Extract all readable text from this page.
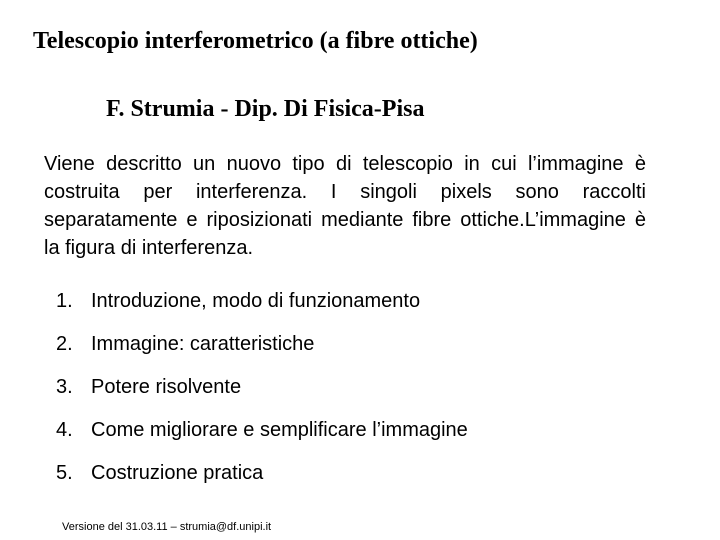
Telescopio interferometrico (a fibre ottiche)
F. Strumia - Dip. Di Fisica-Pisa
Viene descritto un nuovo tipo di telescopio in cui l’immagine è costruita per interferenza. I singoli pixels sono raccolti separatamente e riposizionati mediante fibre ottiche.L’immagine è la figura di interferenza.
1. Introduzione, modo di funzionamento
2. Immagine: caratteristiche
3. Potere risolvente
4. Come migliorare e semplificare l’immagine
5. Costruzione pratica
Versione del 31.03.11 – strumia@df.unipi.it
